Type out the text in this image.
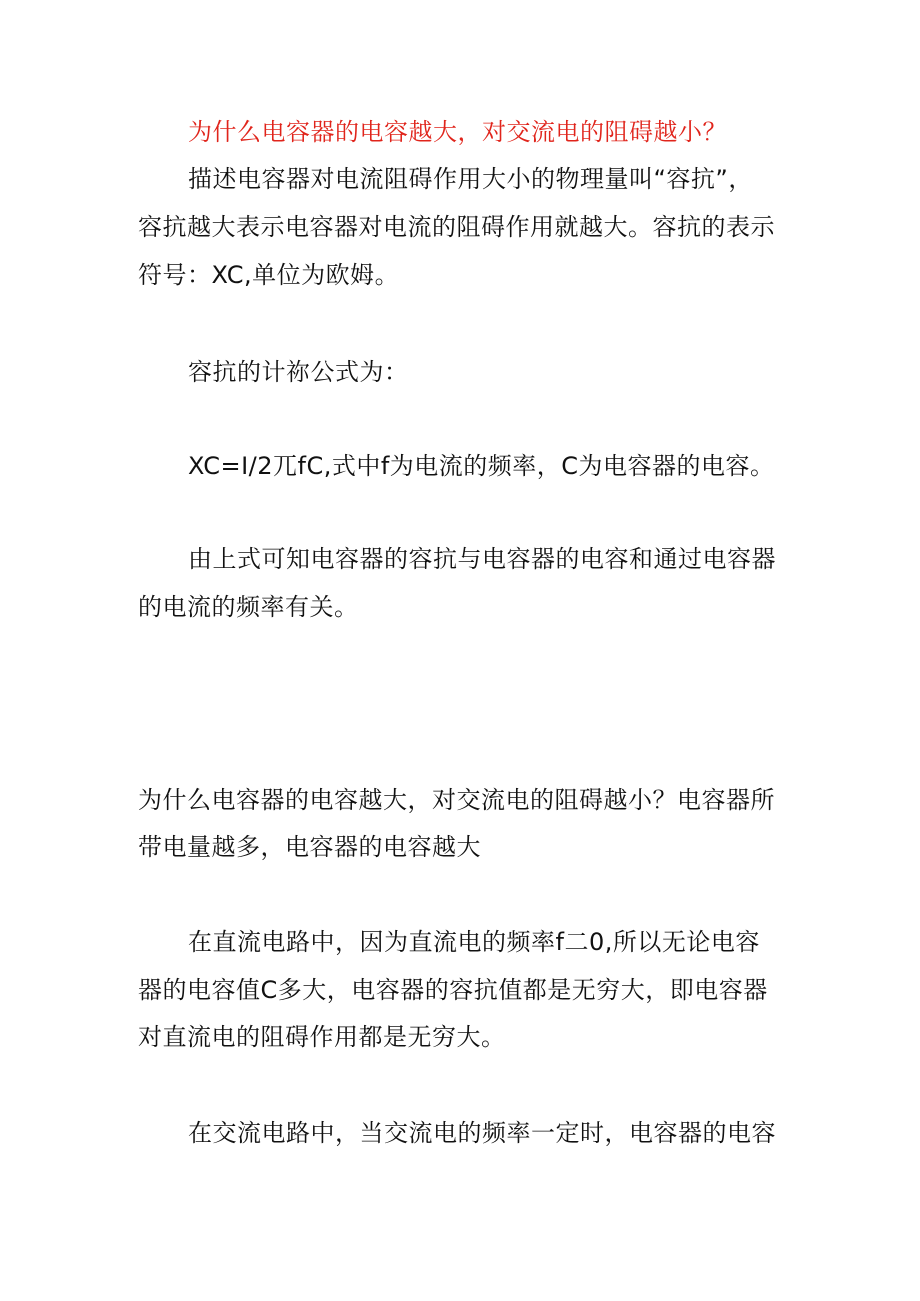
为什么电容器的电容越大，对交流电的阻碍越小？
描述电容器对电流阻碍作用大小的物理量叫“容抗”，
容抗越大表示电容器对电流的阻碍作用就越大。容抗的表示
符号：XC,单位为欧姆。
容抗的计祢公式为：
XC=I/2兀fC,式中f为电流的频率，C为电容器的电容。
由上式可知电容器的容抗与电容器的电容和通过电容器
的电流的频率有关。
为什么电容器的电容越大，对交流电的阻碍越小？电容器所
带电量越多，电容器的电容越大
在直流电路中，因为直流电的频率f二0,所以无论电容
器的电容值C多大，电容器的容抗值都是无穷大，即电容器
对直流电的阻碍作用都是无穷大。
在交流电路中，当交流电的频率一定时，电容器的电容
